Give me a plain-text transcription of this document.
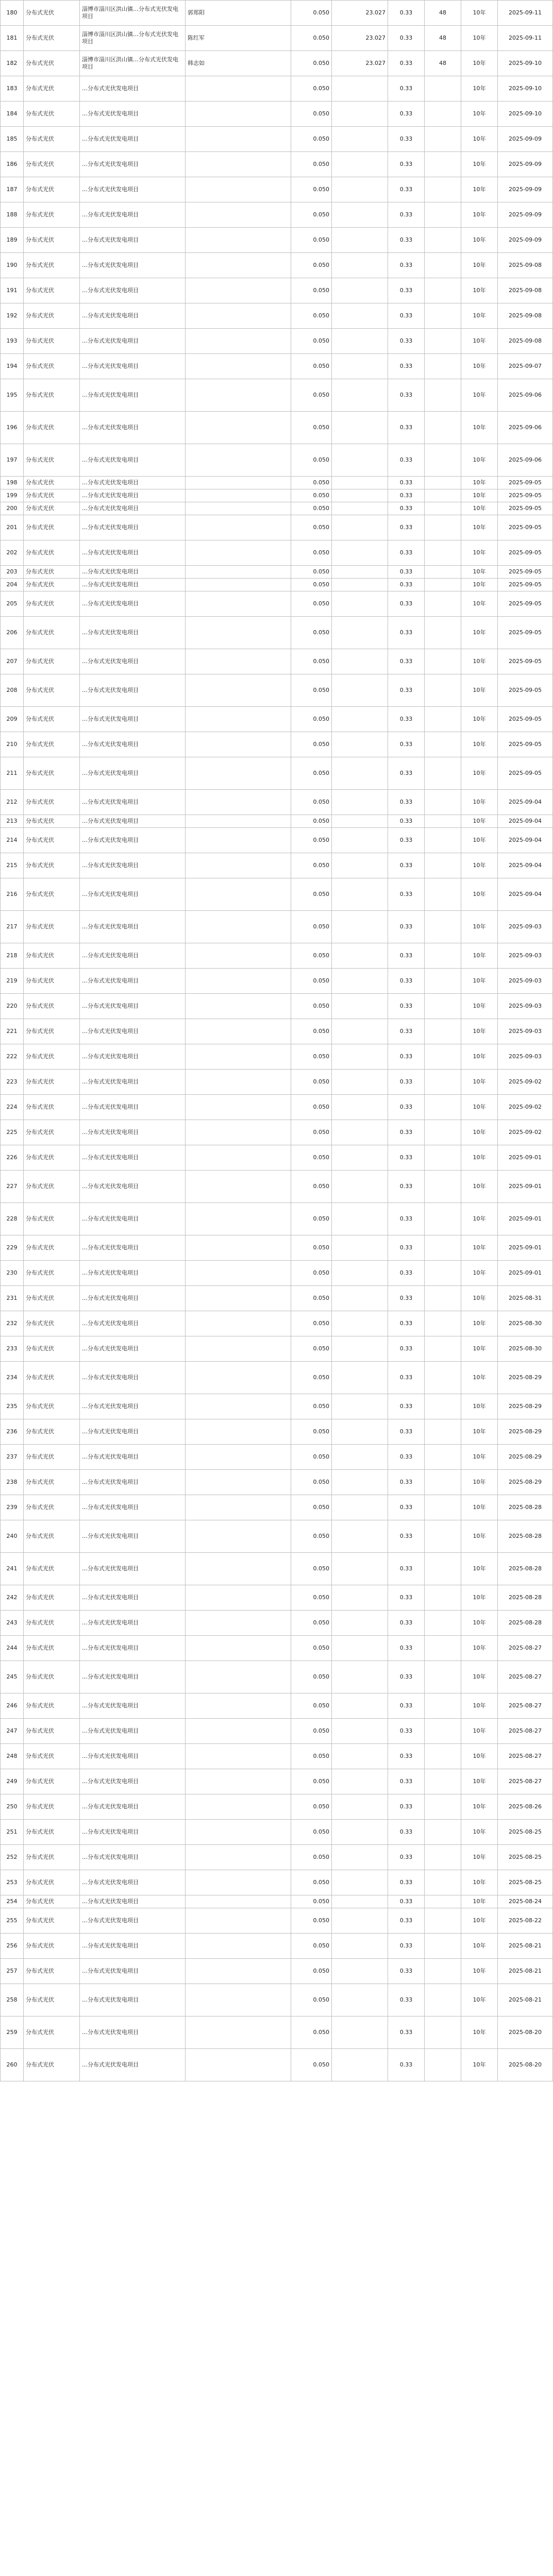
180	分布式光伏	淄博市淄川区洪山镇…分布式光伏发电项目	郭郑阳	0.050	23.027	0.33	48	10年	2025-09-11
181	分布式光伏	淄博市淄川区洪山镇…分布式光伏发电项目	陈红军	0.050	23.027	0.33	48	10年	2025-09-11
182	分布式光伏	淄博市淄川区洪山镇…分布式光伏发电项目	韩志如	0.050	23.027	0.33	48	10年	2025-09-10
183	分布式光伏	…分布式光伏发电项目		0.050		0.33		10年	2025-09-10
184	分布式光伏	…分布式光伏发电项目		0.050		0.33		10年	2025-09-10
185	分布式光伏	…分布式光伏发电项目		0.050		0.33		10年	2025-09-09
186	分布式光伏	…分布式光伏发电项目		0.050		0.33		10年	2025-09-09
187	分布式光伏	…分布式光伏发电项目		0.050		0.33		10年	2025-09-09
188	分布式光伏	…分布式光伏发电项目		0.050		0.33		10年	2025-09-09
189	分布式光伏	…分布式光伏发电项目		0.050		0.33		10年	2025-09-09
190	分布式光伏	…分布式光伏发电项目		0.050		0.33		10年	2025-09-08
191	分布式光伏	…分布式光伏发电项目		0.050		0.33		10年	2025-09-08
192	分布式光伏	…分布式光伏发电项目		0.050		0.33		10年	2025-09-08
193	分布式光伏	…分布式光伏发电项目		0.050		0.33		10年	2025-09-08
194	分布式光伏	…分布式光伏发电项目		0.050		0.33		10年	2025-09-07
195	分布式光伏	…分布式光伏发电项目		0.050		0.33		10年	2025-09-06
196	分布式光伏	…分布式光伏发电项目		0.050		0.33		10年	2025-09-06
197	分布式光伏	…分布式光伏发电项目		0.050		0.33		10年	2025-09-06
198	分布式光伏	…分布式光伏发电项目		0.050		0.33		10年	2025-09-05
199	分布式光伏	…分布式光伏发电项目		0.050		0.33		10年	2025-09-05
200	分布式光伏	…分布式光伏发电项目		0.050		0.33		10年	2025-09-05
201	分布式光伏	…分布式光伏发电项目		0.050		0.33		10年	2025-09-05
202	分布式光伏	…分布式光伏发电项目		0.050		0.33		10年	2025-09-05
203	分布式光伏	…分布式光伏发电项目		0.050		0.33		10年	2025-09-05
204	分布式光伏	…分布式光伏发电项目		0.050		0.33		10年	2025-09-05
205	分布式光伏	…分布式光伏发电项目		0.050		0.33		10年	2025-09-05
206	分布式光伏	…分布式光伏发电项目		0.050		0.33		10年	2025-09-05
207	分布式光伏	…分布式光伏发电项目		0.050		0.33		10年	2025-09-05
208	分布式光伏	…分布式光伏发电项目		0.050		0.33		10年	2025-09-05
209	分布式光伏	…分布式光伏发电项目		0.050		0.33		10年	2025-09-05
210	分布式光伏	…分布式光伏发电项目		0.050		0.33		10年	2025-09-05
211	分布式光伏	…分布式光伏发电项目		0.050		0.33		10年	2025-09-05
212	分布式光伏	…分布式光伏发电项目		0.050		0.33		10年	2025-09-04
213	分布式光伏	…分布式光伏发电项目		0.050		0.33		10年	2025-09-04
214	分布式光伏	…分布式光伏发电项目		0.050		0.33		10年	2025-09-04
215	分布式光伏	…分布式光伏发电项目		0.050		0.33		10年	2025-09-04
216	分布式光伏	…分布式光伏发电项目		0.050		0.33		10年	2025-09-04
217	分布式光伏	…分布式光伏发电项目		0.050		0.33		10年	2025-09-03
218	分布式光伏	…分布式光伏发电项目		0.050		0.33		10年	2025-09-03
219	分布式光伏	…分布式光伏发电项目		0.050		0.33		10年	2025-09-03
220	分布式光伏	…分布式光伏发电项目		0.050		0.33		10年	2025-09-03
221	分布式光伏	…分布式光伏发电项目		0.050		0.33		10年	2025-09-03
222	分布式光伏	…分布式光伏发电项目		0.050		0.33		10年	2025-09-03
223	分布式光伏	…分布式光伏发电项目		0.050		0.33		10年	2025-09-02
224	分布式光伏	…分布式光伏发电项目		0.050		0.33		10年	2025-09-02
225	分布式光伏	…分布式光伏发电项目		0.050		0.33		10年	2025-09-02
226	分布式光伏	…分布式光伏发电项目		0.050		0.33		10年	2025-09-01
227	分布式光伏	…分布式光伏发电项目		0.050		0.33		10年	2025-09-01
228	分布式光伏	…分布式光伏发电项目		0.050		0.33		10年	2025-09-01
229	分布式光伏	…分布式光伏发电项目		0.050		0.33		10年	2025-09-01
230	分布式光伏	…分布式光伏发电项目		0.050		0.33		10年	2025-09-01
231	分布式光伏	…分布式光伏发电项目		0.050		0.33		10年	2025-08-31
232	分布式光伏	…分布式光伏发电项目		0.050		0.33		10年	2025-08-30
233	分布式光伏	…分布式光伏发电项目		0.050		0.33		10年	2025-08-30
234	分布式光伏	…分布式光伏发电项目		0.050		0.33		10年	2025-08-29
235	分布式光伏	…分布式光伏发电项目		0.050		0.33		10年	2025-08-29
236	分布式光伏	…分布式光伏发电项目		0.050		0.33		10年	2025-08-29
237	分布式光伏	…分布式光伏发电项目		0.050		0.33		10年	2025-08-29
238	分布式光伏	…分布式光伏发电项目		0.050		0.33		10年	2025-08-29
239	分布式光伏	…分布式光伏发电项目		0.050		0.33		10年	2025-08-28
240	分布式光伏	…分布式光伏发电项目		0.050		0.33		10年	2025-08-28
241	分布式光伏	…分布式光伏发电项目		0.050		0.33		10年	2025-08-28
242	分布式光伏	…分布式光伏发电项目		0.050		0.33		10年	2025-08-28
243	分布式光伏	…分布式光伏发电项目		0.050		0.33		10年	2025-08-28
244	分布式光伏	…分布式光伏发电项目		0.050		0.33		10年	2025-08-27
245	分布式光伏	…分布式光伏发电项目		0.050		0.33		10年	2025-08-27
246	分布式光伏	…分布式光伏发电项目		0.050		0.33		10年	2025-08-27
247	分布式光伏	…分布式光伏发电项目		0.050		0.33		10年	2025-08-27
248	分布式光伏	…分布式光伏发电项目		0.050		0.33		10年	2025-08-27
249	分布式光伏	…分布式光伏发电项目		0.050		0.33		10年	2025-08-27
250	分布式光伏	…分布式光伏发电项目		0.050		0.33		10年	2025-08-26
251	分布式光伏	…分布式光伏发电项目		0.050		0.33		10年	2025-08-25
252	分布式光伏	…分布式光伏发电项目		0.050		0.33		10年	2025-08-25
253	分布式光伏	…分布式光伏发电项目		0.050		0.33		10年	2025-08-25
254	分布式光伏	…分布式光伏发电项目		0.050		0.33		10年	2025-08-24
255	分布式光伏	…分布式光伏发电项目		0.050		0.33		10年	2025-08-22
256	分布式光伏	…分布式光伏发电项目		0.050		0.33		10年	2025-08-21
257	分布式光伏	…分布式光伏发电项目		0.050		0.33		10年	2025-08-21
258	分布式光伏	…分布式光伏发电项目		0.050		0.33		10年	2025-08-21
259	分布式光伏	…分布式光伏发电项目		0.050		0.33		10年	2025-08-20
260	分布式光伏	…分布式光伏发电项目		0.050		0.33		10年	2025-08-20
